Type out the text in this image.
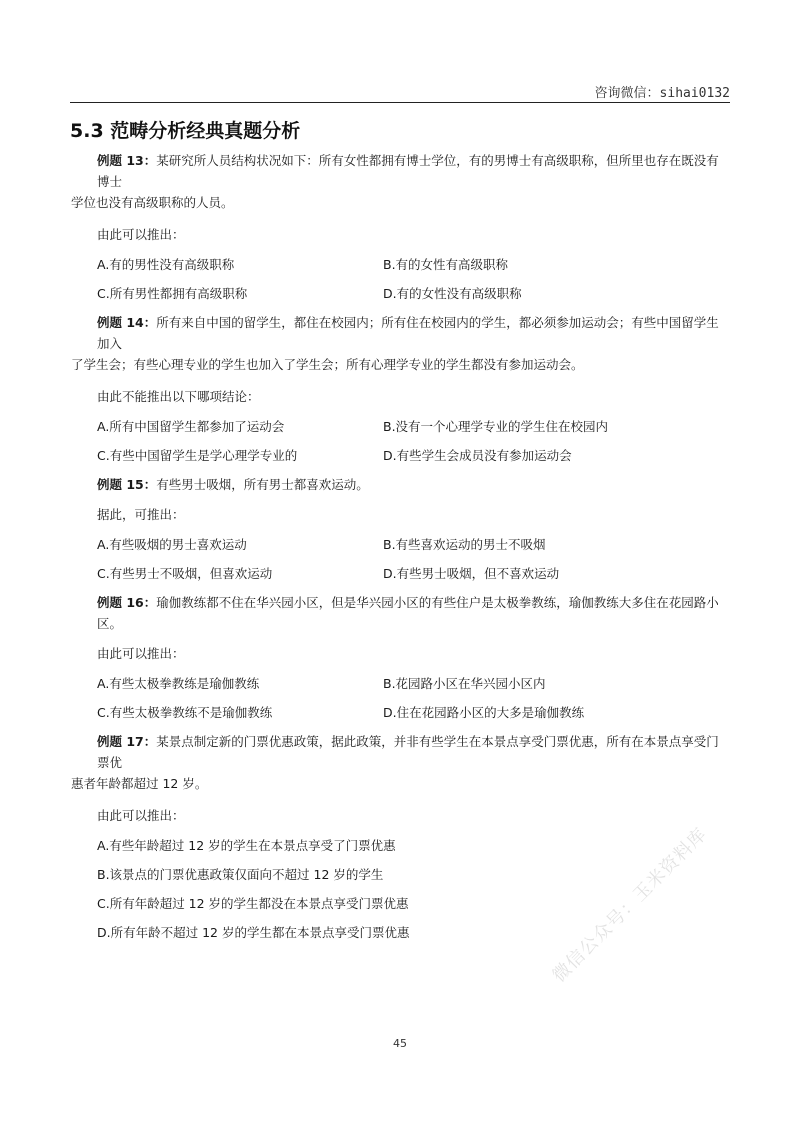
咨询微信：sihai0132
5.3 范畴分析经典真题分析

例题 13：某研究所人员结构状况如下：所有女性都拥有博士学位，有的男博士有高级职称，但所里也存在既没有博士

学位也没有高级职称的人员。

由此可以推出：

A.有的男性没有高级职称	B.有的女性有高级职称
C.所有男性都拥有高级职称	D.有的女性没有高级职称

例题 14：所有来自中国的留学生，都住在校园内；所有住在校园内的学生，都必须参加运动会；有些中国留学生加入

了学生会；有些心理专业的学生也加入了学生会；所有心理学专业的学生都没有参加运动会。

由此不能推出以下哪项结论：

A.所有中国留学生都参加了运动会	B.没有一个心理学专业的学生住在校园内
C.有些中国留学生是学心理学专业的	D.有些学生会成员没有参加运动会

例题 15：有些男士吸烟，所有男士都喜欢运动。

据此，可推出：

A.有些吸烟的男士喜欢运动	B.有些喜欢运动的男士不吸烟
C.有些男士不吸烟，但喜欢运动	D.有些男士吸烟，但不喜欢运动

例题 16：瑜伽教练都不住在华兴园小区，但是华兴园小区的有些住户是太极拳教练，瑜伽教练大多住在花园路小区。

由此可以推出：

A.有些太极拳教练是瑜伽教练	B.花园路小区在华兴园小区内
C.有些太极拳教练不是瑜伽教练	D.住在花园路小区的大多是瑜伽教练

例题 17：某景点制定新的门票优惠政策，据此政策，并非有些学生在本景点享受门票优惠，所有在本景点享受门票优

惠者年龄都超过 12 岁。

由此可以推出：

A.有些年龄超过 12 岁的学生在本景点享受了门票优惠

B.该景点的门票优惠政策仅面向不超过 12 岁的学生

C.所有年龄超过 12 岁的学生都没在本景点享受门票优惠

D.所有年龄不超过 12 岁的学生都在本景点享受门票优惠	微信公众号：玉米资料库
45
